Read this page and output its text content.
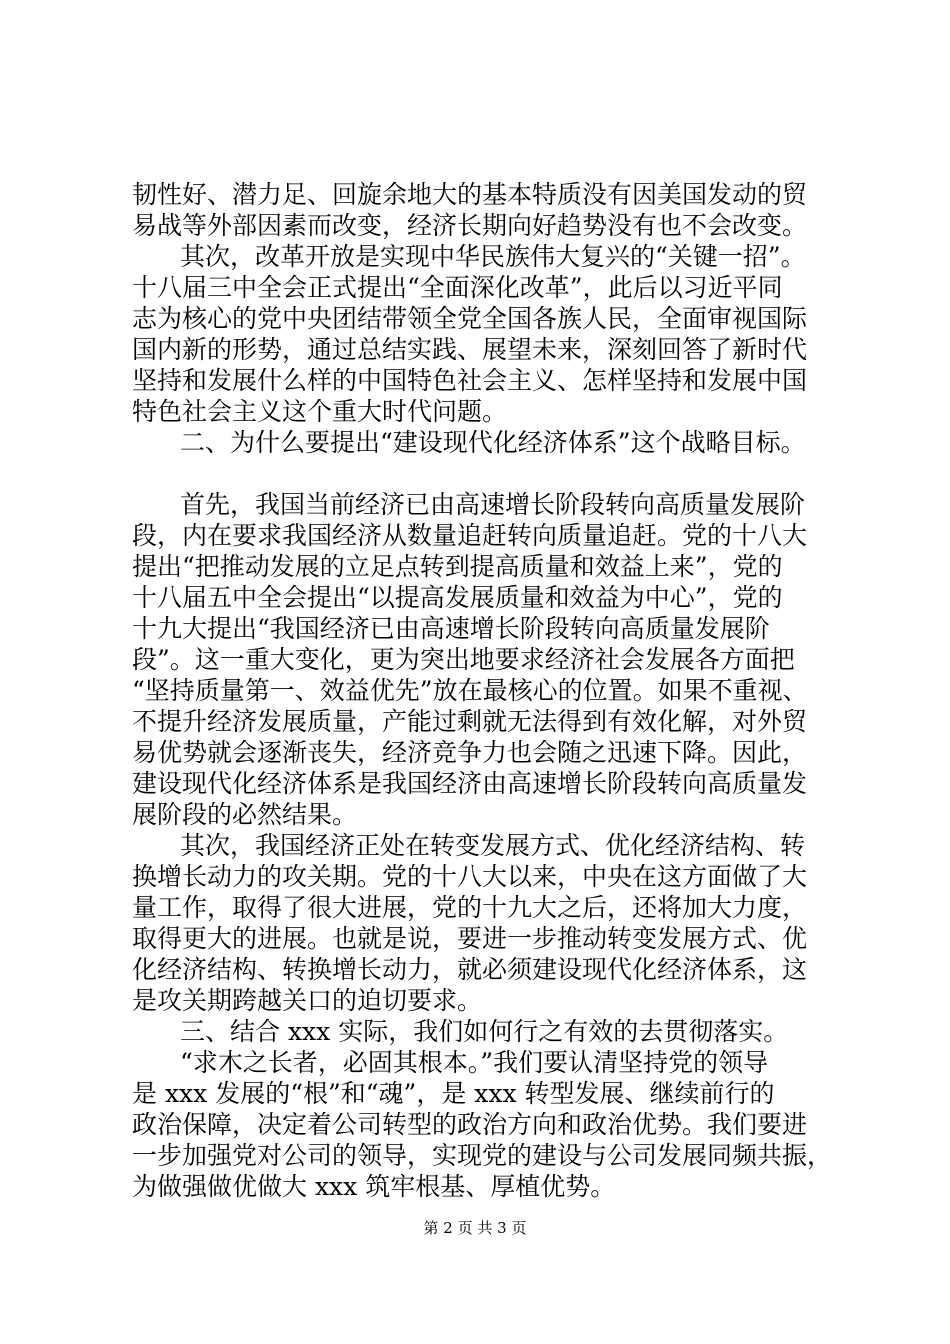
韧性好、潜力足、回旋余地大的基本特质没有因美国发动的贸
易战等外部因素而改变，经济长期向好趋势没有也不会改变。
其次，改革开放是实现中华民族伟大复兴的“关键一招”。
十八届三中全会正式提出“全面深化改革”，此后以习近平同
志为核心的党中央团结带领全党全国各族人民，全面审视国际
国内新的形势，通过总结实践、展望未来，深刻回答了新时代
坚持和发展什么样的中国特色社会主义、怎样坚持和发展中国
特色社会主义这个重大时代问题。
二、为什么要提出“建设现代化经济体系”这个战略目标。
首先，我国当前经济已由高速增长阶段转向高质量发展阶
段，内在要求我国经济从数量追赶转向质量追赶。党的十八大
提出“把推动发展的立足点转到提高质量和效益上来”，党的
十八届五中全会提出“以提高发展质量和效益为中心”，党的
十九大提出“我国经济已由高速增长阶段转向高质量发展阶
段”。这一重大变化，更为突出地要求经济社会发展各方面把
“坚持质量第一、效益优先”放在最核心的位置。如果不重视、
不提升经济发展质量，产能过剩就无法得到有效化解，对外贸
易优势就会逐渐丧失，经济竞争力也会随之迅速下降。因此，
建设现代化经济体系是我国经济由高速增长阶段转向高质量发
展阶段的必然结果。
其次，我国经济正处在转变发展方式、优化经济结构、转
换增长动力的攻关期。党的十八大以来，中央在这方面做了大
量工作，取得了很大进展，党的十九大之后，还将加大力度，
取得更大的进展。也就是说，要进一步推动转变发展方式、优
化经济结构、转换增长动力，就必须建设现代化经济体系，这
是攻关期跨越关口的迫切要求。
三、结合 xxx 实际，我们如何行之有效的去贯彻落实。
“求木之长者，必固其根本。”我们要认清坚持党的领导
是 xxx 发展的“根”和“魂”，是 xxx 转型发展、继续前行的
政治保障，决定着公司转型的政治方向和政治优势。我们要进
一步加强党对公司的领导，实现党的建设与公司发展同频共振，
为做强做优做大 xxx 筑牢根基、厚植优势。
第 2 页 共 3 页
